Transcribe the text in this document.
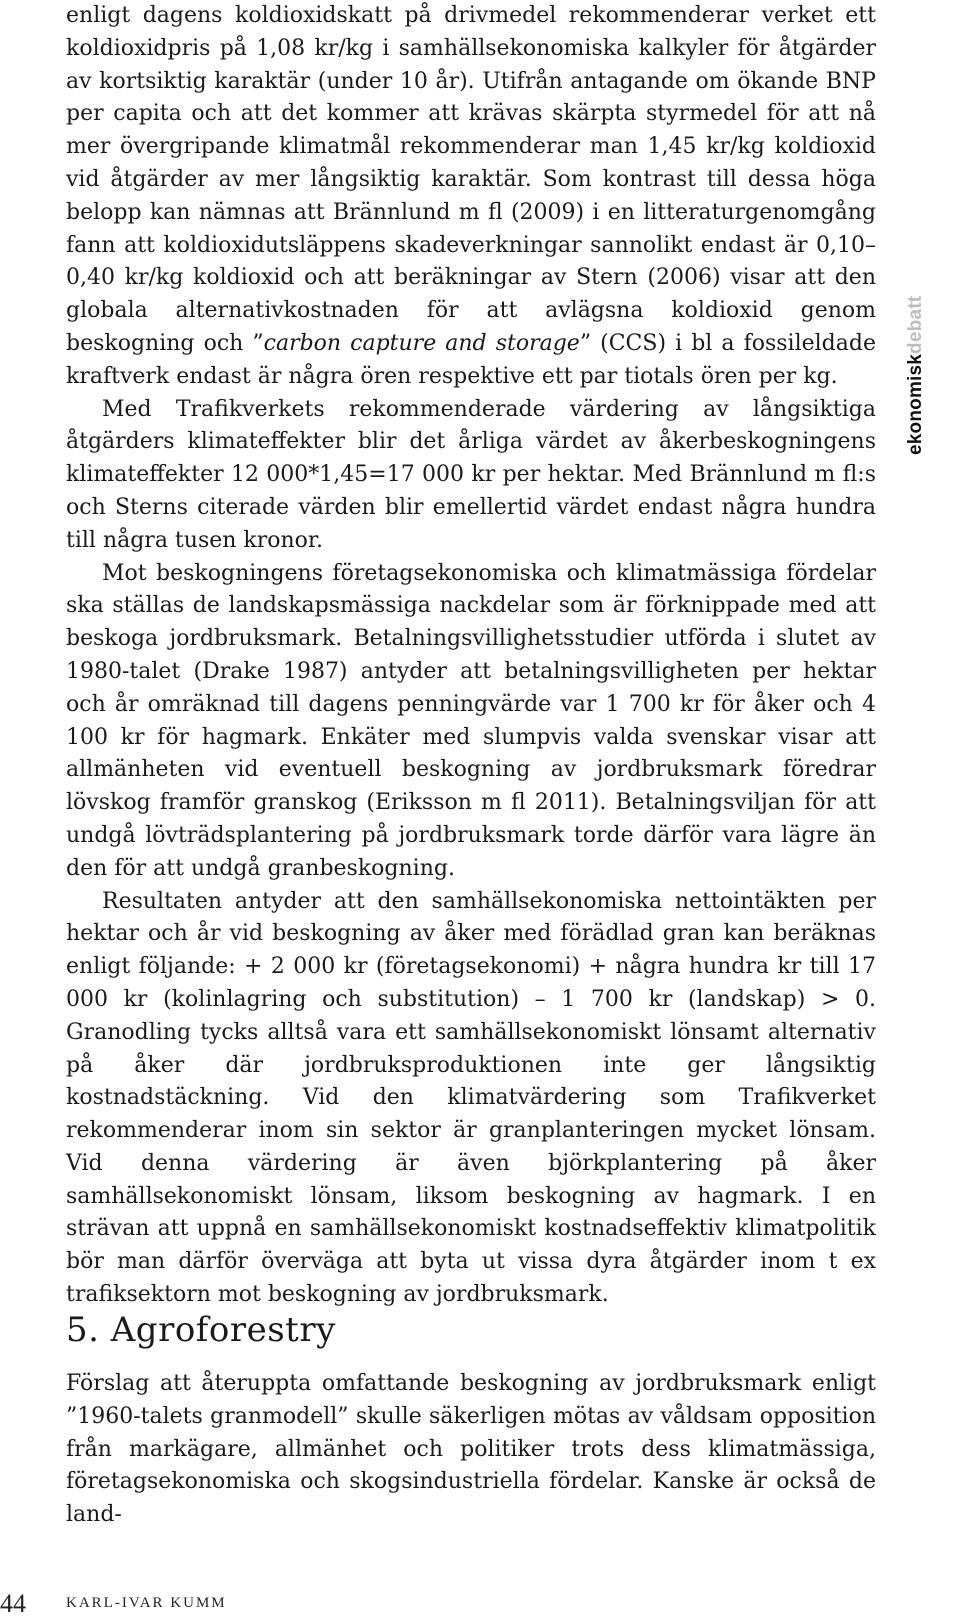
enligt dagens koldioxidskatt på drivmedel rekommenderar verket ett koldioxidpris på 1,08 kr/kg i samhällsekonomiska kalkyler för åtgärder av kortsiktig karaktär (under 10 år). Utifrån antagande om ökande BNP per capita och att det kommer att krävas skärpta styrmedel för att nå mer övergripande klimatmål rekommenderar man 1,45 kr/kg koldioxid vid åtgärder av mer långsiktig karaktär. Som kontrast till dessa höga belopp kan nämnas att Brännlund m fl (2009) i en litteraturgenomgång fann att koldioxidutsläppens skadeverkningar sannolikt endast är 0,10–0,40 kr/kg koldioxid och att beräkningar av Stern (2006) visar att den globala alternativkostnaden för att avlägsna koldioxid genom beskogning och ”carbon capture and storage” (CCS) i bl a fossileldade kraftverk endast är några ören respektive ett par tiotals ören per kg.

Med Trafikverkets rekommenderade värdering av långsiktiga åtgärders klimateffekter blir det årliga värdet av åkerbeskogningens klimateffekter 12 000*1,45=17 000 kr per hektar. Med Brännlund m fl:s och Sterns citerade värden blir emellertid värdet endast några hundra till några tusen kronor.

Mot beskogningens företagsekonomiska och klimatmässiga fördelar ska ställas de landskapsmässiga nackdelar som är förknippade med att beskoga jordbruksmark. Betalningsvillighetsstudier utförda i slutet av 1980-talet (Drake 1987) antyder att betalningsvilligheten per hektar och år omräknad till dagens penningvärde var 1 700 kr för åker och 4 100 kr för hagmark. Enkäter med slumpvis valda svenskar visar att allmänheten vid eventuell beskogning av jordbruksmark föredrar lövskog framför granskog (Eriksson m fl 2011). Betalningsviljan för att undgå lövträdsplantering på jordbruksmark torde därför vara lägre än den för att undgå granbeskogning.

Resultaten antyder att den samhällsekonomiska nettointäkten per hektar och år vid beskogning av åker med förädlad gran kan beräknas enligt följande: + 2 000 kr (företagsekonomi) + några hundra kr till 17 000 kr (kolinlagring och substitution) – 1 700 kr (landskap) > 0. Granodling tycks alltså vara ett samhällsekonomiskt lönsamt alternativ på åker där jordbruksproduktionen inte ger långsiktig kostnadstäckning. Vid den klimatvärdering som Trafikverket rekommenderar inom sin sektor är granplanteringen mycket lönsam. Vid denna värdering är även björkplantering på åker samhällsekonomiskt lönsam, liksom beskogning av hagmark. I en strävan att uppnå en samhällsekonomiskt kostnadseffektiv klimatpolitik bör man därför överväga att byta ut vissa dyra åtgärder inom t ex trafiksektorn mot beskogning av jordbruksmark.

5. Agroforestry

Förslag att återuppta omfattande beskogning av jordbruksmark enligt ”1960-talets granmodell” skulle säkerligen mötas av våldsam opposition från markägare, allmänhet och politiker trots dess klimatmässiga, företagsekonomiska och skogsindustriella fördelar. Kanske är också de land-

ekonomiskdebatt
44	KARL-IVAR KUMM
